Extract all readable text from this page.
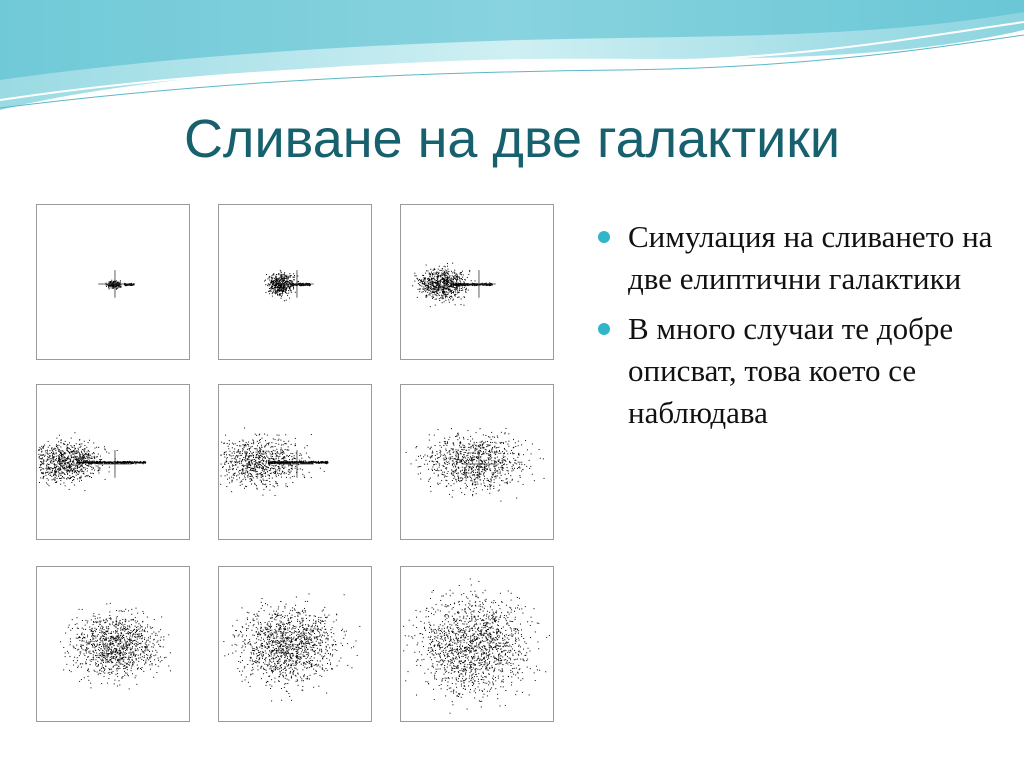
Сливане на две галактики
Симулация на сливането на две елиптични галактики
В много случаи те добре описват, това което се наблюдава
